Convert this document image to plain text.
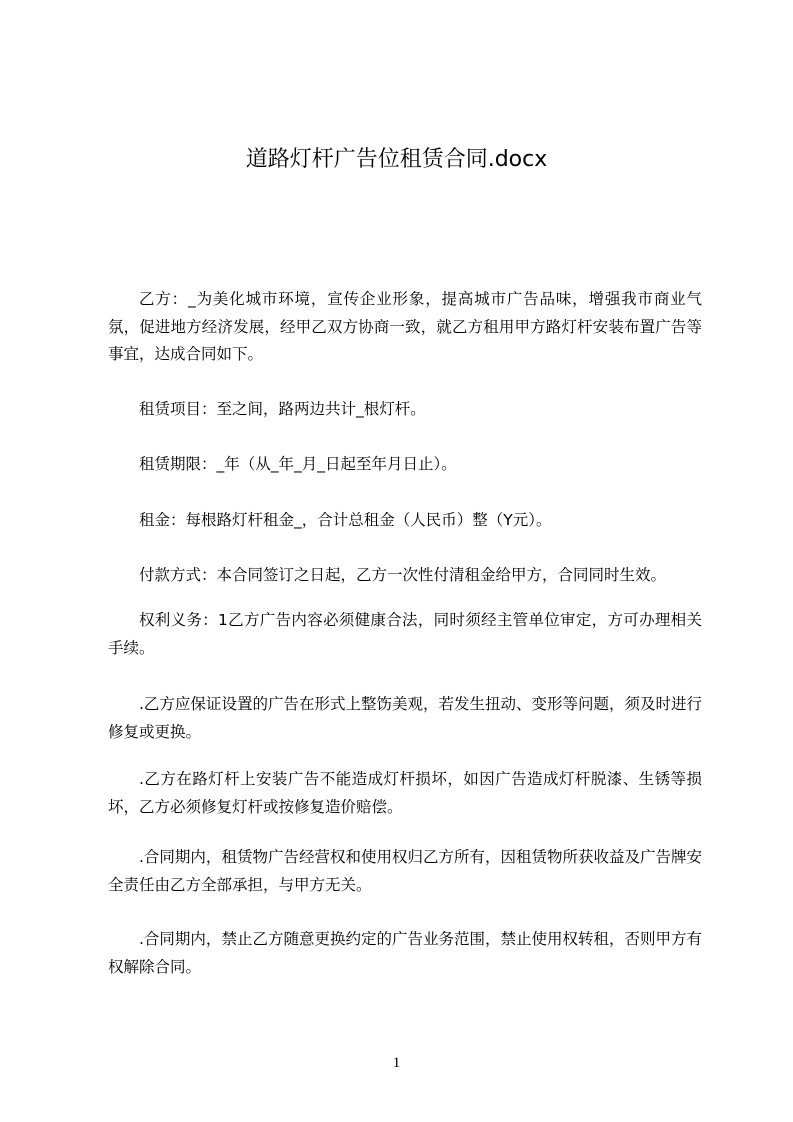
道路灯杆广告位租赁合同.docx
乙方：_为美化城市环境，宣传企业形象，提高城市广告品味，增强我市商业气氛，促进地方经济发展，经甲乙双方协商一致，就乙方租用甲方路灯杆安装布置广告等事宜，达成合同如下。
租赁项目：至之间，路两边共计_根灯杆。
租赁期限：_年（从_年_月_日起至年月日止）。
租金：每根路灯杆租金_，合计总租金（人民币）整（Y元）。
付款方式：本合同签订之日起，乙方一次性付清租金给甲方，合同同时生效。
权利义务：1乙方广告内容必须健康合法，同时须经主管单位审定，方可办理相关手续。
.乙方应保证设置的广告在形式上整饬美观，若发生扭动、变形等问题，须及时进行修复或更换。
.乙方在路灯杆上安装广告不能造成灯杆损坏，如因广告造成灯杆脱漆、生锈等损坏，乙方必须修复灯杆或按修复造价赔偿。
.合同期内，租赁物广告经营权和使用权归乙方所有，因租赁物所获收益及广告牌安全责任由乙方全部承担，与甲方无关。
.合同期内，禁止乙方随意更换约定的广告业务范围，禁止使用权转租，否则甲方有权解除合同。
1
